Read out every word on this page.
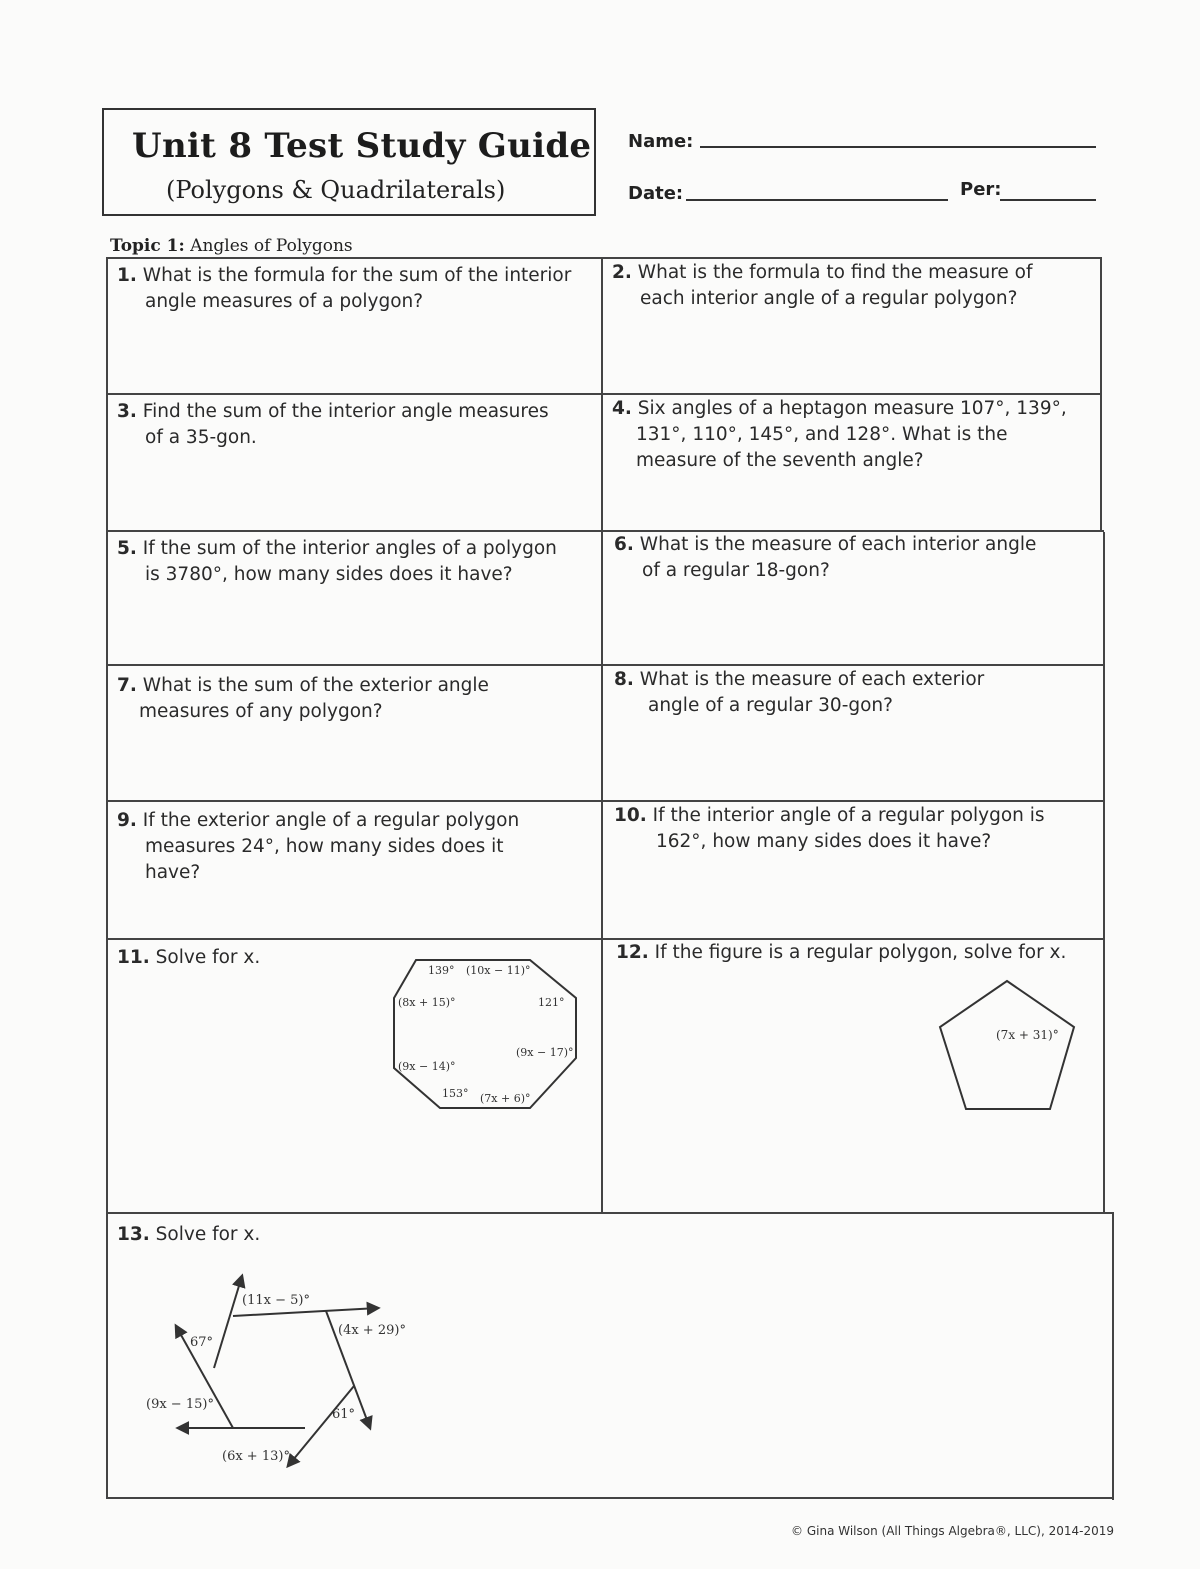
Unit 8 Test Study Guide
(Polygons & Quadrilaterals)
Name:
Date:	Per:
Topic 1: Angles of Polygons
1. What is the formula for the sum of the interior
angle measures of a polygon?
2. What is the formula to find the measure of
each interior angle of a regular polygon?
3. Find the sum of the interior angle measures
of a 35-gon.
4. Six angles of a heptagon measure 107°, 139°,
131°, 110°, 145°, and 128°. What is the
measure of the seventh angle?
5. If the sum of the interior angles of a polygon
is 3780°, how many sides does it have?
6. What is the measure of each interior angle
of a regular 18-gon?
7. What is the sum of the exterior angle
measures of any polygon?
8. What is the measure of each exterior
angle of a regular 30-gon?
9. If the exterior angle of a regular polygon
measures 24°, how many sides does it
have?
10. If the interior angle of a regular polygon is
162°, how many sides does it have?
11. Solve for x.	12. If the figure is a regular polygon, solve for x.
13. Solve for x.
139° (10x − 11)°
(8x + 15)°	121°
(9x − 17)°
(9x − 14)°
153° (7x + 6)°
(7x + 31)°
(11x − 5)°
(4x + 29)°
67°
(9x − 15)°
61°
(6x + 13)°
© Gina Wilson (All Things Algebra®, LLC), 2014-2019
